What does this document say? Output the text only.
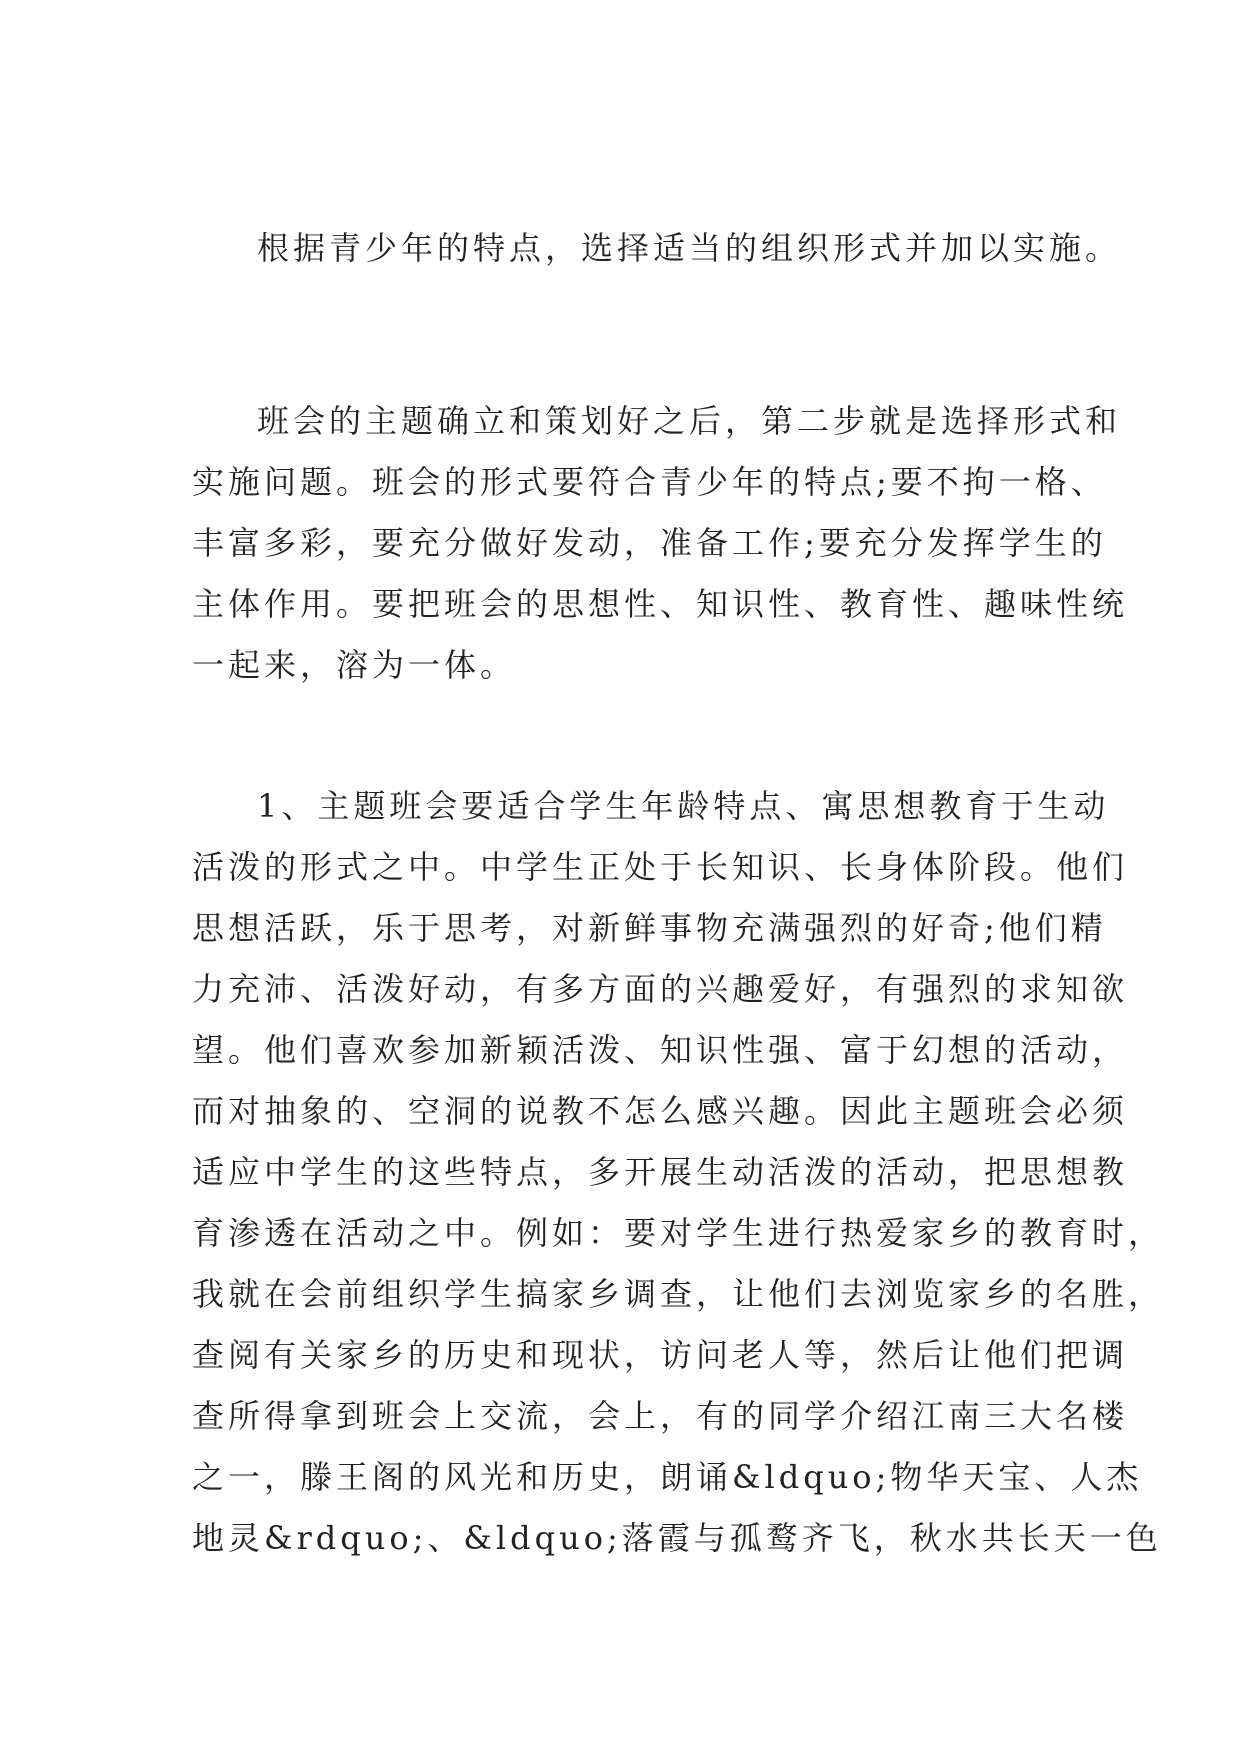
根据青少年的特点，选择适当的组织形式并加以实施。
班会的主题确立和策划好之后，第二步就是选择形式和
实施问题。班会的形式要符合青少年的特点;要不拘一格、
丰富多彩，要充分做好发动，准备工作;要充分发挥学生的
主体作用。要把班会的思想性、知识性、教育性、趣味性统
一起来，溶为一体。
1、主题班会要适合学生年龄特点、寓思想教育于生动
活泼的形式之中。中学生正处于长知识、长身体阶段。他们
思想活跃，乐于思考，对新鲜事物充满强烈的好奇;他们精
力充沛、活泼好动，有多方面的兴趣爱好，有强烈的求知欲
望。他们喜欢参加新颖活泼、知识性强、富于幻想的活动，
而对抽象的、空洞的说教不怎么感兴趣。因此主题班会必须
适应中学生的这些特点，多开展生动活泼的活动，把思想教
育渗透在活动之中。例如：要对学生进行热爱家乡的教育时，
我就在会前组织学生搞家乡调查，让他们去浏览家乡的名胜，
查阅有关家乡的历史和现状，访问老人等，然后让他们把调
查所得拿到班会上交流，会上，有的同学介绍江南三大名楼
之一，滕王阁的风光和历史，朗诵&ldquo;物华天宝、人杰
地灵&rdquo;、&ldquo;落霞与孤鹜齐飞，秋水共长天一色
